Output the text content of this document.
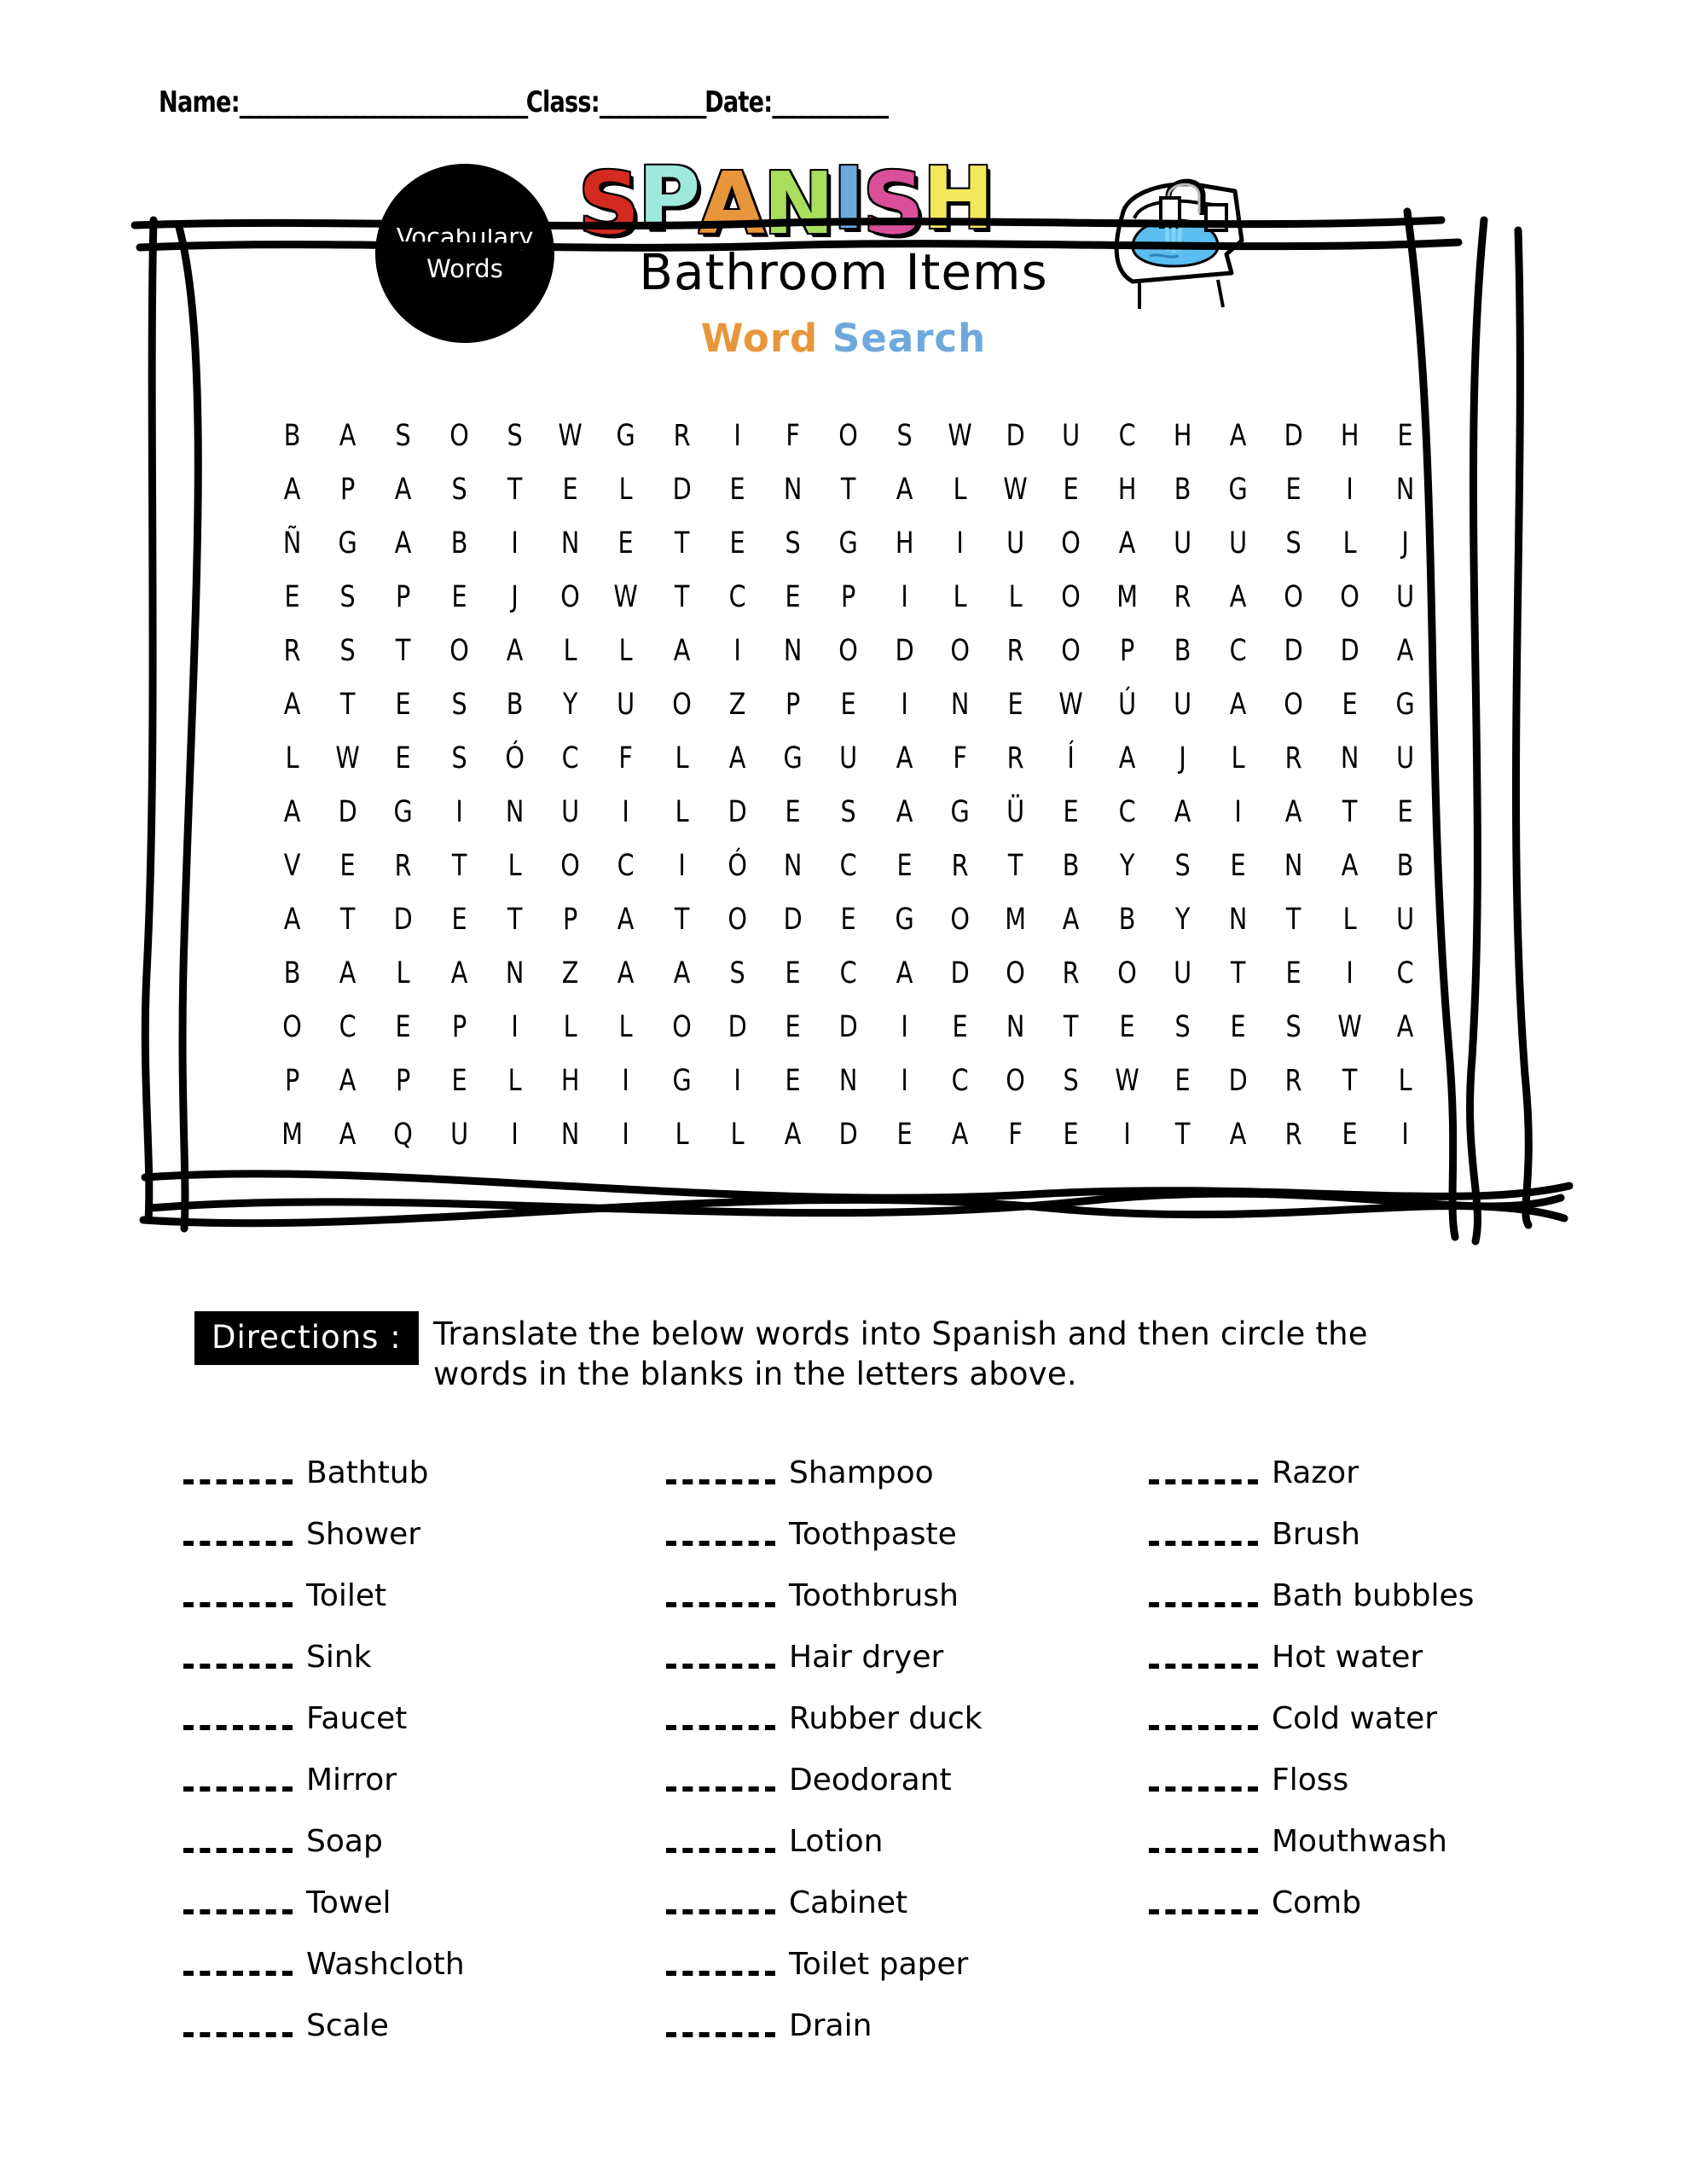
Name:______________________________Class:___________Date:____________
Vocabulary
Words
SPANISH
Bathroom Items
Word Search
B	A	S	O	S	W	G	R	I	F	O	S	W	D	U	C	H	A	D	H	E
A	P	A	S	T	E	L	D	E	N	T	A	L	W	E	H	B	G	E	I	N
Ñ	G	A	B	I	N	E	T	E	S	G	H	I	U	O	A	U	U	S	L	J
E	S	P	E	J	O	W	T	C	E	P	I	L	L	O	M	R	A	O	O	U
R	S	T	O	A	L	L	A	I	N	O	D	O	R	O	P	B	C	D	D	A
A	T	E	S	B	Y	U	O	Z	P	E	I	N	E	W	Ú	U	A	O	E	G
L	W	E	S	Ó	C	F	L	A	G	U	A	F	R	Í	A	J	L	R	N	U
A	D	G	I	N	U	I	L	D	E	S	A	G	Ü	E	C	A	I	A	T	E
V	E	R	T	L	O	C	I	Ó	N	C	E	R	T	B	Y	S	E	N	A	B
A	T	D	E	T	P	A	T	O	D	E	G	O	M	A	B	Y	N	T	L	U
B	A	L	A	N	Z	A	A	S	E	C	A	D	O	R	O	U	T	E	I	C
O	C	E	P	I	L	L	O	D	E	D	I	E	N	T	E	S	E	S	W	A
P	A	P	E	L	H	I	G	I	E	N	I	C	O	S	W	E	D	R	T	L
M	A	Q	U	I	N	I	L	L	A	D	E	A	F	E	I	T	A	R	E	I
Directions :	Translate the below words into Spanish and then circle the words in the blanks in the letters above.
Bathtub
Shower
Toilet
Sink
Faucet
Mirror
Soap
Towel
Washcloth
Scale
Shampoo
Toothpaste
Toothbrush
Hair dryer
Rubber duck
Deodorant
Lotion
Cabinet
Toilet paper
Drain
Razor
Brush
Bath bubbles
Hot water
Cold water
Floss
Mouthwash
Comb
